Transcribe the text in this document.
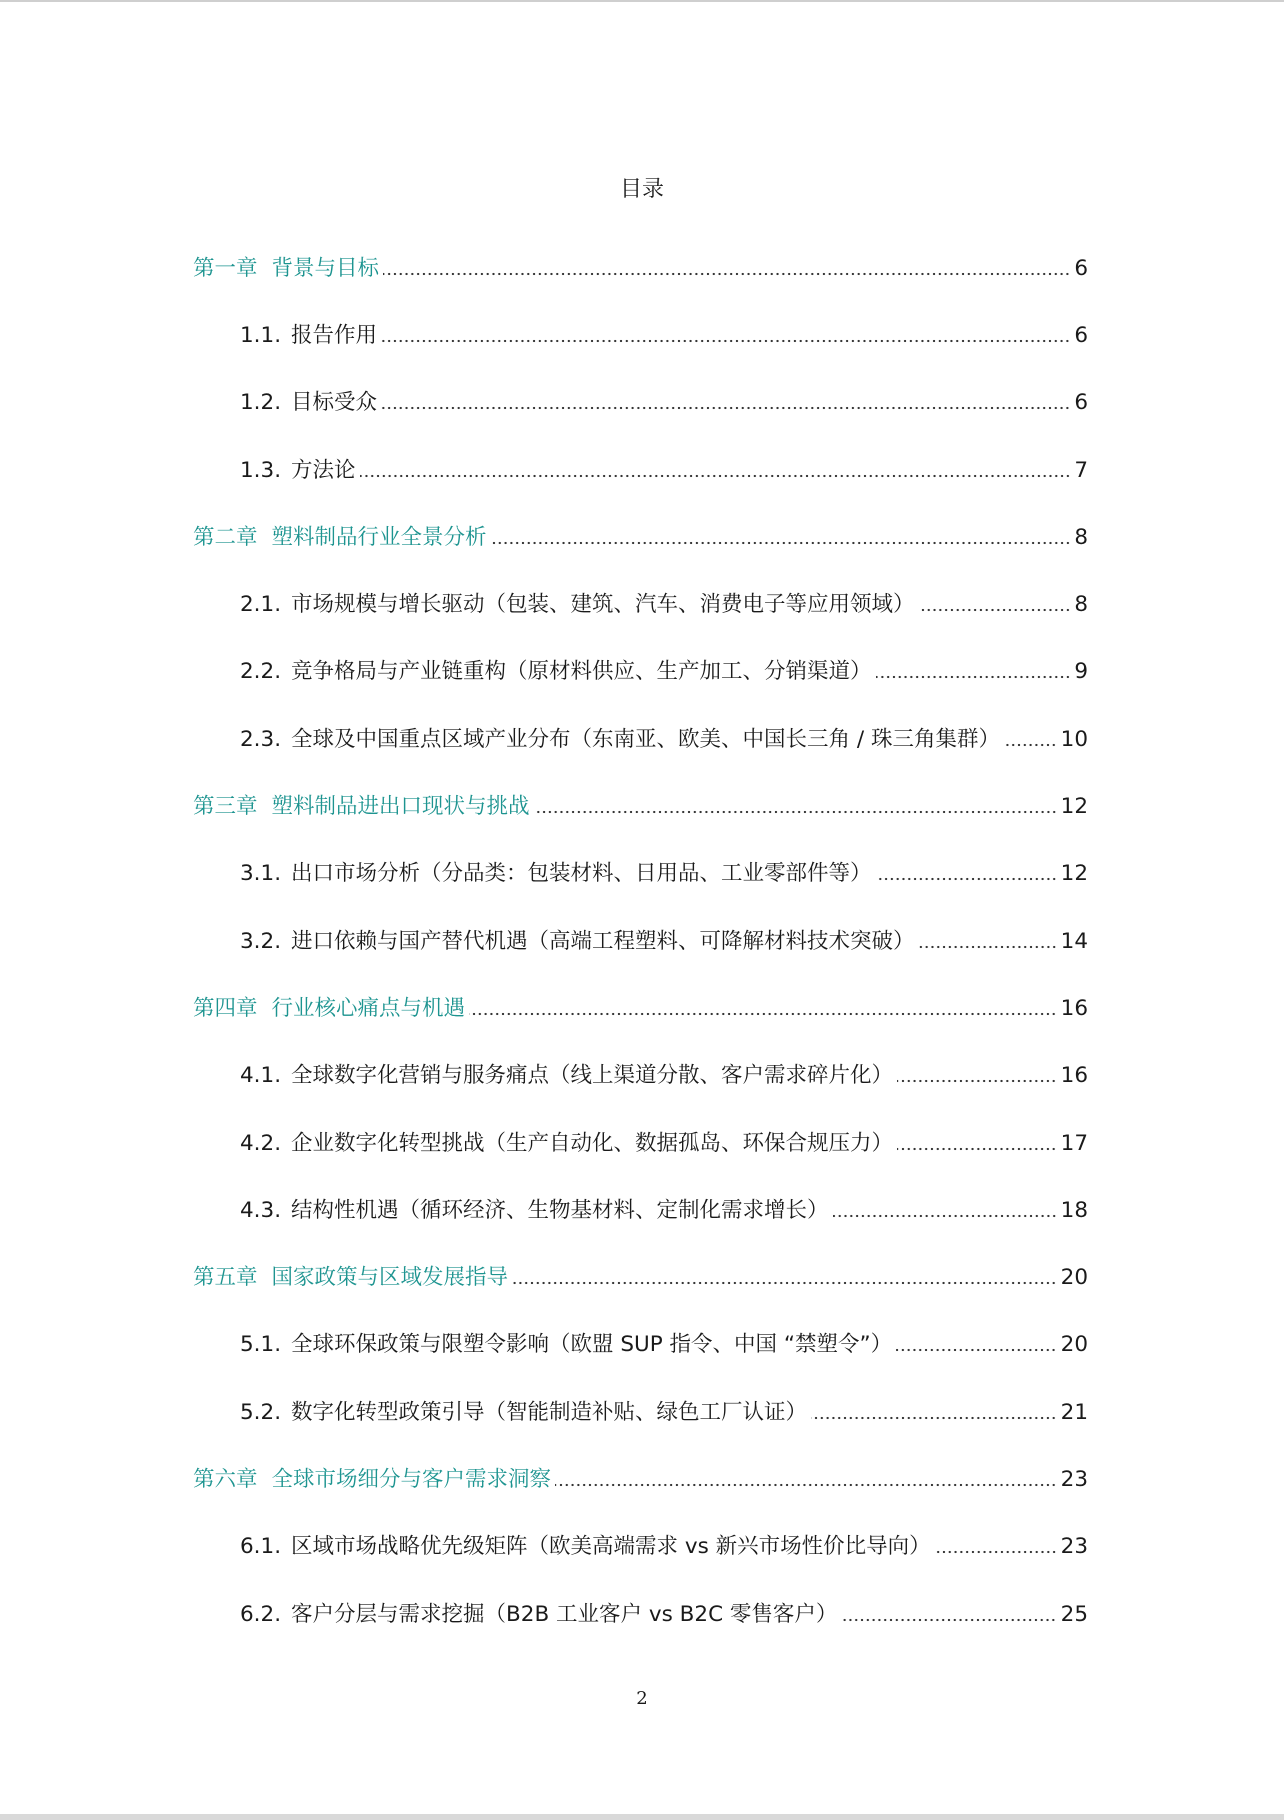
目录
第一章 背景与目标	6
1.1. 报告作用	6
1.2. 目标受众	6
1.3. 方法论	7
第二章 塑料制品行业全景分析	8
2.1. 市场规模与增长驱动（包装、建筑、汽车、消费电子等应用领域）	8
2.2. 竞争格局与产业链重构（原材料供应、生产加工、分销渠道）	9
2.3. 全球及中国重点区域产业分布（东南亚、欧美、中国长三角 / 珠三角集群）	10
第三章 塑料制品进出口现状与挑战	12
3.1. 出口市场分析（分品类：包装材料、日用品、工业零部件等）	12
3.2. 进口依赖与国产替代机遇（高端工程塑料、可降解材料技术突破）	14
第四章 行业核心痛点与机遇	16
4.1. 全球数字化营销与服务痛点（线上渠道分散、客户需求碎片化）	16
4.2. 企业数字化转型挑战（生产自动化、数据孤岛、环保合规压力）	17
4.3. 结构性机遇（循环经济、生物基材料、定制化需求增长）	18
第五章 国家政策与区域发展指导	20
5.1. 全球环保政策与限塑令影响（欧盟 SUP 指令、中国 “禁塑令”）	20
5.2. 数字化转型政策引导（智能制造补贴、绿色工厂认证）	21
第六章 全球市场细分与客户需求洞察	23
6.1. 区域市场战略优先级矩阵（欧美高端需求 vs 新兴市场性价比导向）	23
6.2. 客户分层与需求挖掘（B2B 工业客户 vs B2C 零售客户）	25
2
